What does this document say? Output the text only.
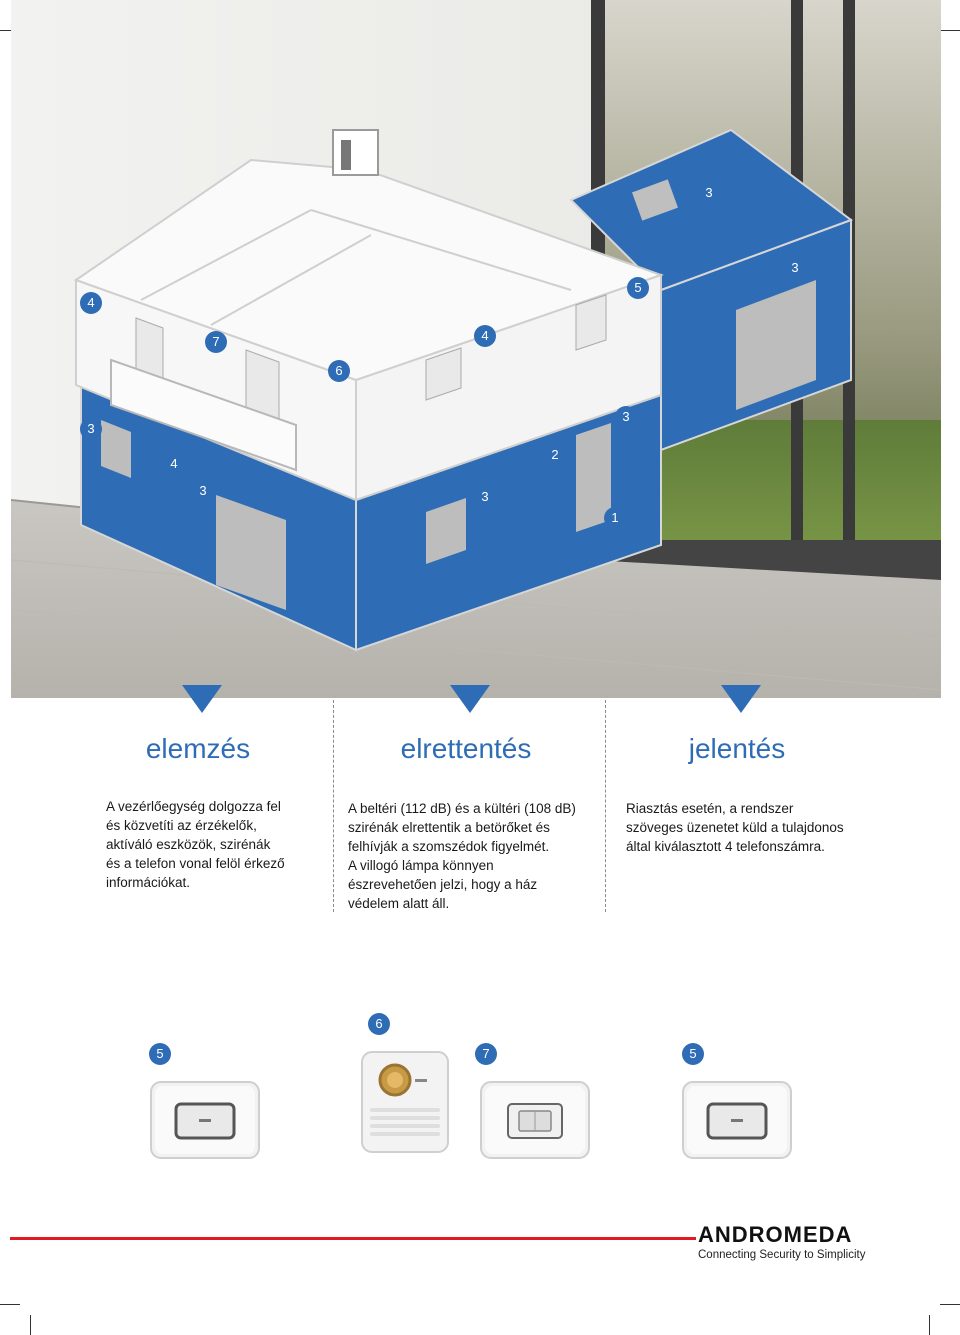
4
7
6
4
5
3
3
3
4
3	3
2
3
1
elemzés	elrettentés	jelentés
A vezérlőegység dolgozza fel
és közvetíti az érzékelők,
aktíváló eszközök, szirénák
és a telefon vonal felöl érkező
információkat.
A beltéri (112 dB) és a kültéri (108 dB)
szirénák elrettentik a betörőket és
felhívják a szomszédok figyelmét.
A villogó lámpa könnyen
észrevehetően jelzi, hogy a ház
védelem alatt áll.
Riasztás esetén, a rendszer
szöveges üzenetet küld a tulajdonos
által kiválasztott 4 telefonszámra.
5
6
7	5
ANDROMEDA
Connecting Security to Simplicity
